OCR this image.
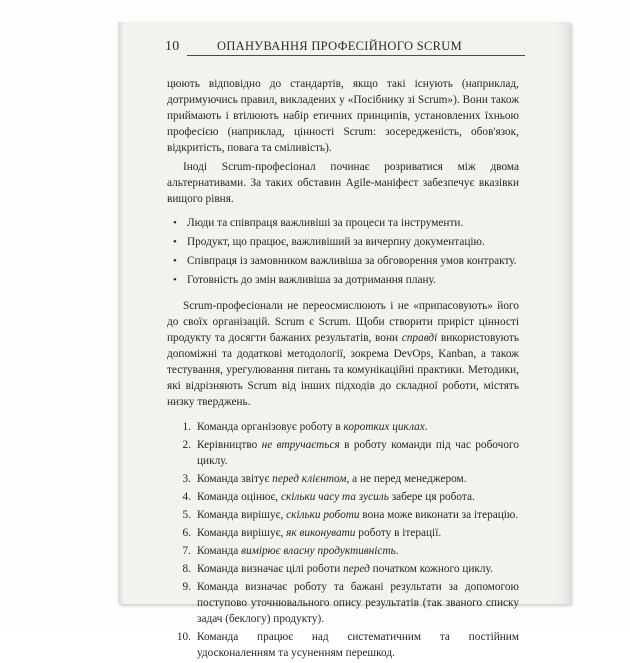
10	ОПАНУВАННЯ ПРОФЕСІЙНОГО SCRUM

цюють відповідно до стандартів, якщо такі існують (наприклад, дотримуючись правил, викладених у «Посібнику зі Scrum»). Вони також приймають і втілюють набір етичних принципів, установлених їхньою професією (наприклад, цінності Scrum: зосередженість, обов'язок, відкритість, повага та сміливість).

Іноді Scrum-професіонал починає розриватися між двома альтернативами. За таких обставин Agile-маніфест забезпечує вказівки вищого рівня.

• Люди та співпраця важливіші за процеси та інструменти.
• Продукт, що працює, важливіший за вичерпну документацію.
• Співпраця із замовником важливіша за обговорення умов контракту.
• Готовність до змін важливіша за дотримання плану.

Scrum-професіонали не переосмислюють і не «припасовують» його до своїх організацій. Scrum є Scrum. Щоби створити приріст цінності продукту та досягти бажаних результатів, вони справді використовують допоміжні та додаткові методології, зокрема DevOps, Kanban, а також тестування, урегулювання питань та комунікаційні практики. Методики, які відрізняють Scrum від інших підходів до складної роботи, містять низку тверджень.

1. Команда організовує роботу в коротких циклах.
2. Керівництво не втручається в роботу команди під час робочого циклу.
3. Команда звітує перед клієнтом, а не перед менеджером.
4. Команда оцінює, скільки часу та зусиль забере ця робота.
5. Команда вирішує, скільки роботи вона може виконати за ітерацію.
6. Команда вирішує, як виконувати роботу в ітерації.
7. Команда вимірює власну продуктивність.
8. Команда визначає цілі роботи перед початком кожного циклу.
9. Команда визначає роботу та бажані результати за допомогою поступово уточнювального опису результатів (так званого списку задач (беклогу) продукту).
10. Команда працює над систематичним та постійним удосконаленням та усуненням перешкод.
